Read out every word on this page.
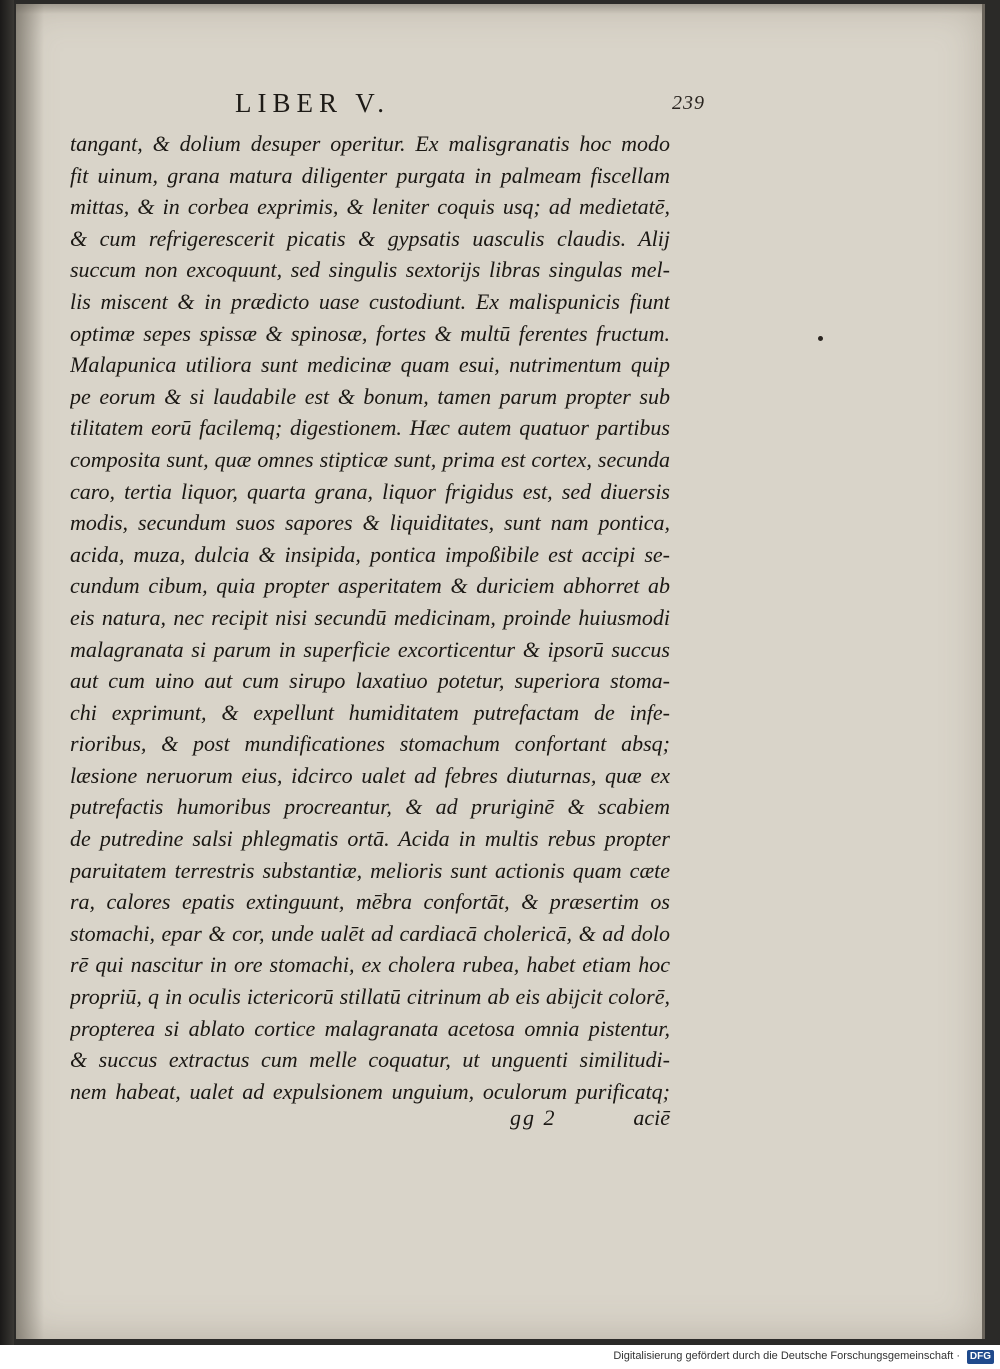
LIBER V.	239
tangant, & dolium desuper operitur. Ex malisgranatis hoc modo
fit uinum, grana matura diligenter purgata in palmeam fiscellam
mittas, & in corbea exprimis, & leniter coquis usq; ad medietatē,
& cum refrigerescerit picatis & gypsatis uasculis claudis. Alij
succum non excoquunt, sed singulis sextorijs libras singulas mel-
lis miscent & in prædicto uase custodiunt. Ex malispunicis fiunt
optimæ sepes spissæ & spinosæ, fortes & multū ferentes fructum.
Malapunica utiliora sunt medicinæ quam esui, nutrimentum quip
pe eorum & si laudabile est & bonum, tamen parum propter sub
tilitatem eorū facilemq; digestionem. Hæc autem quatuor partibus
composita sunt, quæ omnes stipticæ sunt, prima est cortex, secunda
caro, tertia liquor, quarta grana, liquor frigidus est, sed diuersis
modis, secundum suos sapores & liquiditates, sunt nam pontica,
acida, muza, dulcia & insipida, pontica impoßibile est accipi se-
cundum cibum, quia propter asperitatem & duriciem abhorret ab
eis natura, nec recipit nisi secundū medicinam, proinde huiusmodi
malagranata si parum in superficie excorticentur & ipsorū succus
aut cum uino aut cum sirupo laxatiuo potetur, superiora stoma-
chi exprimunt, & expellunt humiditatem putrefactam de infe-
rioribus, & post mundificationes stomachum confortant absq;
læsione neruorum eius, idcirco ualet ad febres diuturnas, quæ ex
putrefactis humoribus procreantur, & ad pruriginē & scabiem
de putredine salsi phlegmatis ortā. Acida in multis rebus propter
paruitatem terrestris substantiæ, melioris sunt actionis quam cæte
ra, calores epatis extinguunt, mēbra confortāt, & præsertim os
stomachi, epar & cor, unde ualēt ad cardiacā cholericā, & ad dolo
rē qui nascitur in ore stomachi, ex cholera rubea, habet etiam hoc
propriū, q in oculis ictericorū stillatū citrinum ab eis abijcit colorē,
propterea si ablato cortice malagranata acetosa omnia pistentur,
& succus extractus cum melle coquatur, ut unguenti similitudi-
nem habeat, ualet ad expulsionem unguium, oculorum purificatq;
gg 2	aciē
Digitalisierung gefördert durch die Deutsche Forschungsgemeinschaft · DFG
